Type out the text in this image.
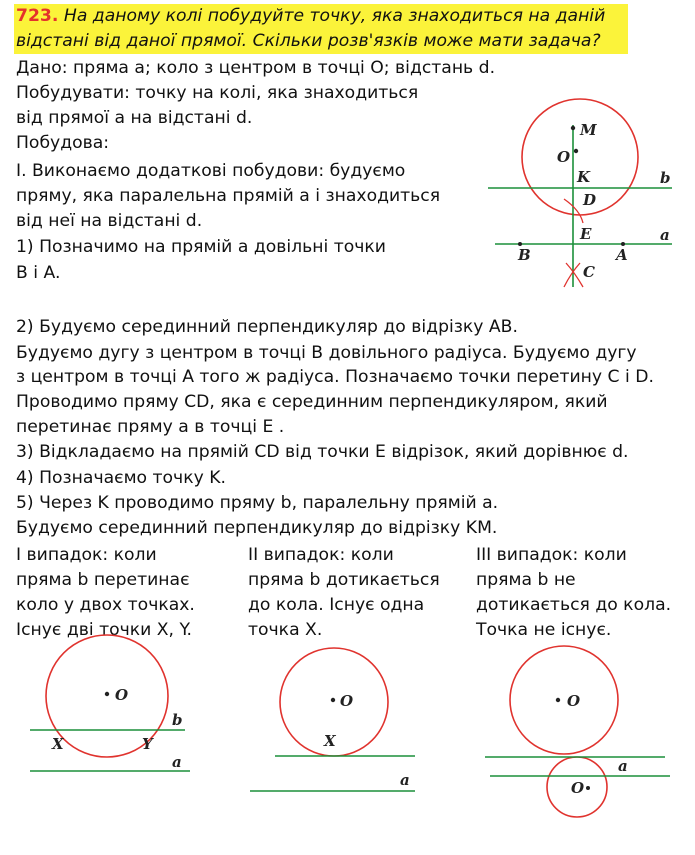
723. На даному колі побудуйте точку, яка знаходиться на даній
відстані від даної прямої. Скільки розв'язків може мати задача?
Дано: пряма a; коло з центром в точці O; відстань d.
Побудувати: точку на колі, яка знаходиться
від прямої a на відстані d.
Побудова:
I. Виконаємо додаткові побудови: будуємо
пряму, яка паралельна прямій a і знаходиться
від неї на відстані d.
1) Позначимо на прямій a довільні точки
B і A.
2) Будуємо серединний перпендикуляр до відрізку AB.
Будуємо дугу з центром в точці B довільного радіуса. Будуємо дугу
з центром в точці A того ж радіуса. Позначаємо точки перетину C і D.
Проводимо пряму CD, яка є серединним перпендикуляром, який
перетинає пряму a в точці E .
3) Відкладаємо на прямій CD від точки E відрізок, який дорівнює d.
4) Позначаємо точку K.
5) Через K проводимо пряму b, паралельну прямій a.
Будуємо серединний перпендикуляр до відрізку KM.
I випадок: коли
пряма b перетинає
коло у двох точках.
Існує дві точки X, Y.
II випадок: коли
пряма b дотикається
до кола. Існує одна
точка X.
III випадок: коли
пряма b не
дотикається до кола.
Точка не існує.
M
O
K
D
E
B	A
C
b
a
O
X	Y
b
a
O
X
a
O
O
a
